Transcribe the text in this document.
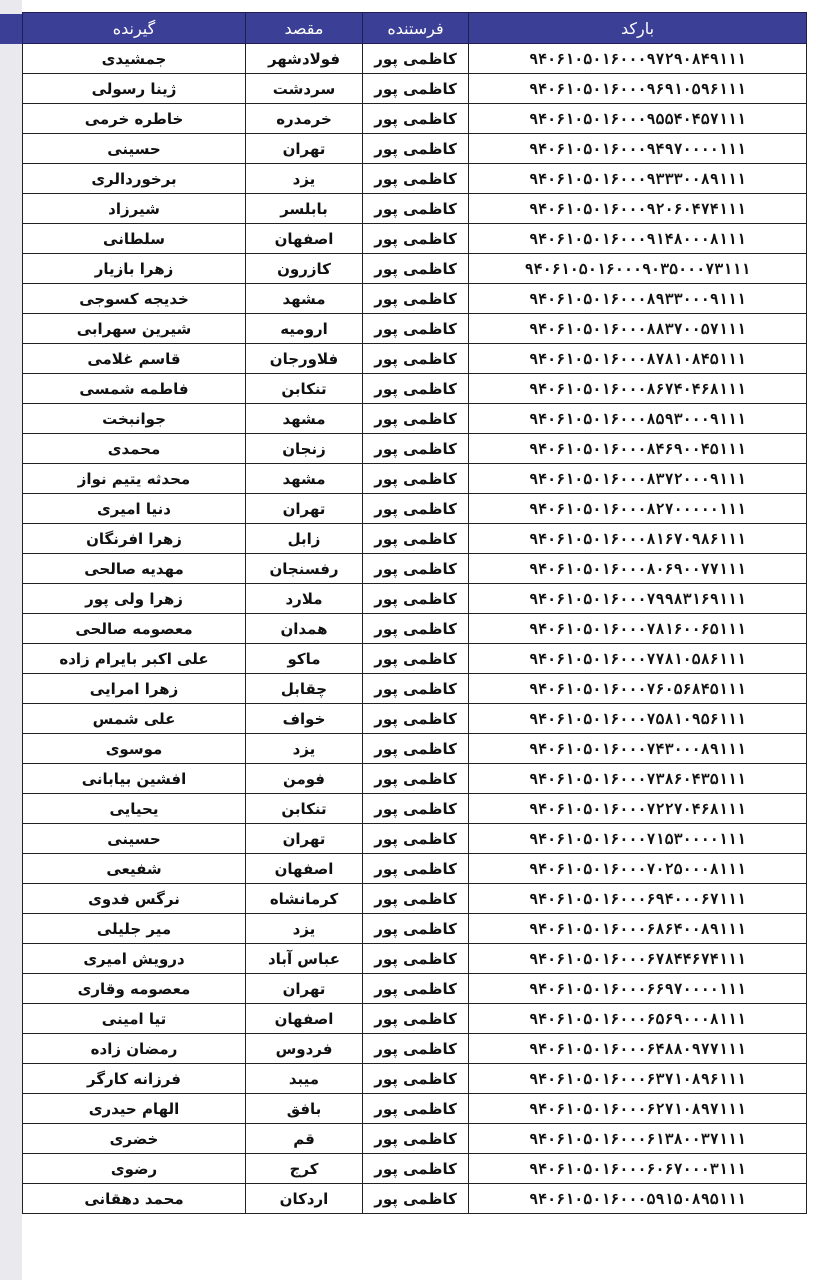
بارکد	فرستنده	مقصد	گیرنده
۹۴۰۶۱۰۵۰۱۶۰۰۰۹۷۲۹۰۸۴۹۱۱۱	کاظمی پور	فولادشهر	جمشیدی
۹۴۰۶۱۰۵۰۱۶۰۰۰۹۶۹۱۰۵۹۶۱۱۱	کاظمی پور	سردشت	ژینا رسولی
۹۴۰۶۱۰۵۰۱۶۰۰۰۹۵۵۴۰۴۵۷۱۱۱	کاظمی پور	خرمدره	خاطره خرمی
۹۴۰۶۱۰۵۰۱۶۰۰۰۹۴۹۷۰۰۰۰۱۱۱	کاظمی پور	تهران	حسینی
۹۴۰۶۱۰۵۰۱۶۰۰۰۹۳۳۳۰۰۸۹۱۱۱	کاظمی پور	یزد	برخوردالری
۹۴۰۶۱۰۵۰۱۶۰۰۰۹۲۰۶۰۴۷۴۱۱۱	کاظمی پور	بابلسر	شیرزاد
۹۴۰۶۱۰۵۰۱۶۰۰۰۹۱۴۸۰۰۰۸۱۱۱	کاظمی پور	اصفهان	سلطانی
۹۴۰۶۱۰۵۰۱۶۰۰۰۹۰۳۵۰۰۰۷۳۱۱۱	کاظمی پور	کازرون	زهرا بازیار
۹۴۰۶۱۰۵۰۱۶۰۰۰۸۹۳۳۰۰۰۹۱۱۱	کاظمی پور	مشهد	خدیجه کسوجی
۹۴۰۶۱۰۵۰۱۶۰۰۰۸۸۳۷۰۰۵۷۱۱۱	کاظمی پور	ارومیه	شیرین سهرابی
۹۴۰۶۱۰۵۰۱۶۰۰۰۸۷۸۱۰۸۴۵۱۱۱	کاظمی پور	فلاورجان	قاسم غلامی
۹۴۰۶۱۰۵۰۱۶۰۰۰۸۶۷۴۰۴۶۸۱۱۱	کاظمی پور	تنکابن	فاطمه شمسی
۹۴۰۶۱۰۵۰۱۶۰۰۰۸۵۹۳۰۰۰۹۱۱۱	کاظمی پور	مشهد	جوانبخت
۹۴۰۶۱۰۵۰۱۶۰۰۰۸۴۶۹۰۰۴۵۱۱۱	کاظمی پور	زنجان	محمدی
۹۴۰۶۱۰۵۰۱۶۰۰۰۸۳۷۲۰۰۰۹۱۱۱	کاظمی پور	مشهد	محدثه یتیم نواز
۹۴۰۶۱۰۵۰۱۶۰۰۰۸۲۷۰۰۰۰۰۱۱۱	کاظمی پور	تهران	دنیا امیری
۹۴۰۶۱۰۵۰۱۶۰۰۰۸۱۶۷۰۹۸۶۱۱۱	کاظمی پور	زابل	زهرا افرنگان
۹۴۰۶۱۰۵۰۱۶۰۰۰۸۰۶۹۰۰۷۷۱۱۱	کاظمی پور	رفسنجان	مهدیه صالحی
۹۴۰۶۱۰۵۰۱۶۰۰۰۷۹۹۸۳۱۶۹۱۱۱	کاظمی پور	ملارد	زهرا ولی پور
۹۴۰۶۱۰۵۰۱۶۰۰۰۷۸۱۶۰۰۶۵۱۱۱	کاظمی پور	همدان	معصومه صالحی
۹۴۰۶۱۰۵۰۱۶۰۰۰۷۷۸۱۰۵۸۶۱۱۱	کاظمی پور	ماکو	علی اکبر بایرام زاده
۹۴۰۶۱۰۵۰۱۶۰۰۰۷۶۰۵۶۸۴۵۱۱۱	کاظمی پور	چقابل	زهرا امرایی
۹۴۰۶۱۰۵۰۱۶۰۰۰۷۵۸۱۰۹۵۶۱۱۱	کاظمی پور	خواف	علی شمس
۹۴۰۶۱۰۵۰۱۶۰۰۰۷۴۳۰۰۰۸۹۱۱۱	کاظمی پور	یزد	موسوی
۹۴۰۶۱۰۵۰۱۶۰۰۰۷۳۸۶۰۴۳۵۱۱۱	کاظمی پور	فومن	افشین بیابانی
۹۴۰۶۱۰۵۰۱۶۰۰۰۷۲۲۷۰۴۶۸۱۱۱	کاظمی پور	تنکابن	یحیایی
۹۴۰۶۱۰۵۰۱۶۰۰۰۷۱۵۳۰۰۰۰۱۱۱	کاظمی پور	تهران	حسینی
۹۴۰۶۱۰۵۰۱۶۰۰۰۷۰۲۵۰۰۰۸۱۱۱	کاظمی پور	اصفهان	شفیعی
۹۴۰۶۱۰۵۰۱۶۰۰۰۶۹۴۰۰۰۶۷۱۱۱	کاظمی پور	کرمانشاه	نرگس فدوی
۹۴۰۶۱۰۵۰۱۶۰۰۰۶۸۶۴۰۰۸۹۱۱۱	کاظمی پور	یزد	میر جلیلی
۹۴۰۶۱۰۵۰۱۶۰۰۰۶۷۸۴۴۶۷۴۱۱۱	کاظمی پور	عباس آباد	درویش امیری
۹۴۰۶۱۰۵۰۱۶۰۰۰۶۶۹۷۰۰۰۰۱۱۱	کاظمی پور	تهران	معصومه وقاری
۹۴۰۶۱۰۵۰۱۶۰۰۰۶۵۶۹۰۰۰۸۱۱۱	کاظمی پور	اصفهان	تیا امینی
۹۴۰۶۱۰۵۰۱۶۰۰۰۶۴۸۸۰۹۷۷۱۱۱	کاظمی پور	فردوس	رمضان زاده
۹۴۰۶۱۰۵۰۱۶۰۰۰۶۳۷۱۰۸۹۶۱۱۱	کاظمی پور	میبد	فرزانه کارگر
۹۴۰۶۱۰۵۰۱۶۰۰۰۶۲۷۱۰۸۹۷۱۱۱	کاظمی پور	بافق	الهام حیدری
۹۴۰۶۱۰۵۰۱۶۰۰۰۶۱۳۸۰۰۳۷۱۱۱	کاظمی پور	قم	خضری
۹۴۰۶۱۰۵۰۱۶۰۰۰۶۰۶۷۰۰۰۳۱۱۱	کاظمی پور	کرج	رضوی
۹۴۰۶۱۰۵۰۱۶۰۰۰۵۹۱۵۰۸۹۵۱۱۱	کاظمی پور	اردکان	محمد دهقانی
